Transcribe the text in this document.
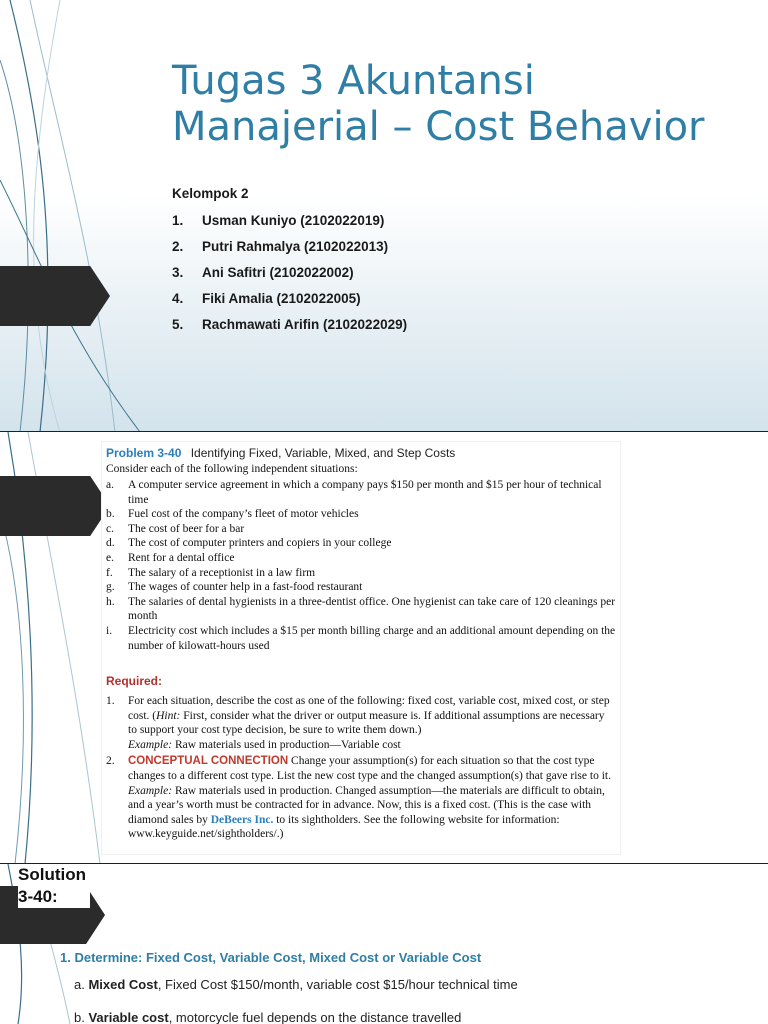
Tugas 3 Akuntansi Manajerial – Cost Behavior

Kelompok 2

1.	Usman Kuniyo (2102022019)
2.	Putri Rahmalya (2102022013)
3.	Ani Safitri (2102022002)
4.	Fiki Amalia (2102022005)
5.	Rachmawati Arifin (2102022029)
Problem 3-40 Identifying Fixed, Variable, Mixed, and Step Costs
Consider each of the following independent situations:
a.	A computer service agreement in which a company pays $150 per month and $15 per hour of technical time
b.	Fuel cost of the company’s fleet of motor vehicles
c.	The cost of beer for a bar
d.	The cost of computer printers and copiers in your college
e.	Rent for a dental office
f.	The salary of a receptionist in a law firm
g.	The wages of counter help in a fast-food restaurant
h.	The salaries of dental hygienists in a three-dentist office. One hygienist can take care of 120 cleanings per month
i.	Electricity cost which includes a $15 per month billing charge and an additional amount depending on the number of kilowatt-hours used
Required:
1.	For each situation, describe the cost as one of the following: fixed cost, variable cost, mixed cost, or step cost. (Hint: First, consider what the driver or output measure is. If additional assumptions are necessary to support your cost type decision, be sure to write them down.)
Example: Raw materials used in production—Variable cost
2.	CONCEPTUAL CONNECTION Change your assumption(s) for each situation so that the cost type changes to a different cost type. List the new cost type and the changed assumption(s) that gave rise to it.
Example: Raw materials used in production. Changed assumption—the materials are difficult to obtain, and a year’s worth must be contracted for in advance. Now, this is a fixed cost. (This is the case with diamond sales by DeBeers Inc. to its sightholders. See the following website for information: www.keyguide.net/sightholders/.)
Solution
3-40:
1. Determine: Fixed Cost, Variable Cost, Mixed Cost or Variable Cost
a. Mixed Cost, Fixed Cost $150/month, variable cost $15/hour technical time
b. Variable cost, motorcycle fuel depends on the distance travelled
